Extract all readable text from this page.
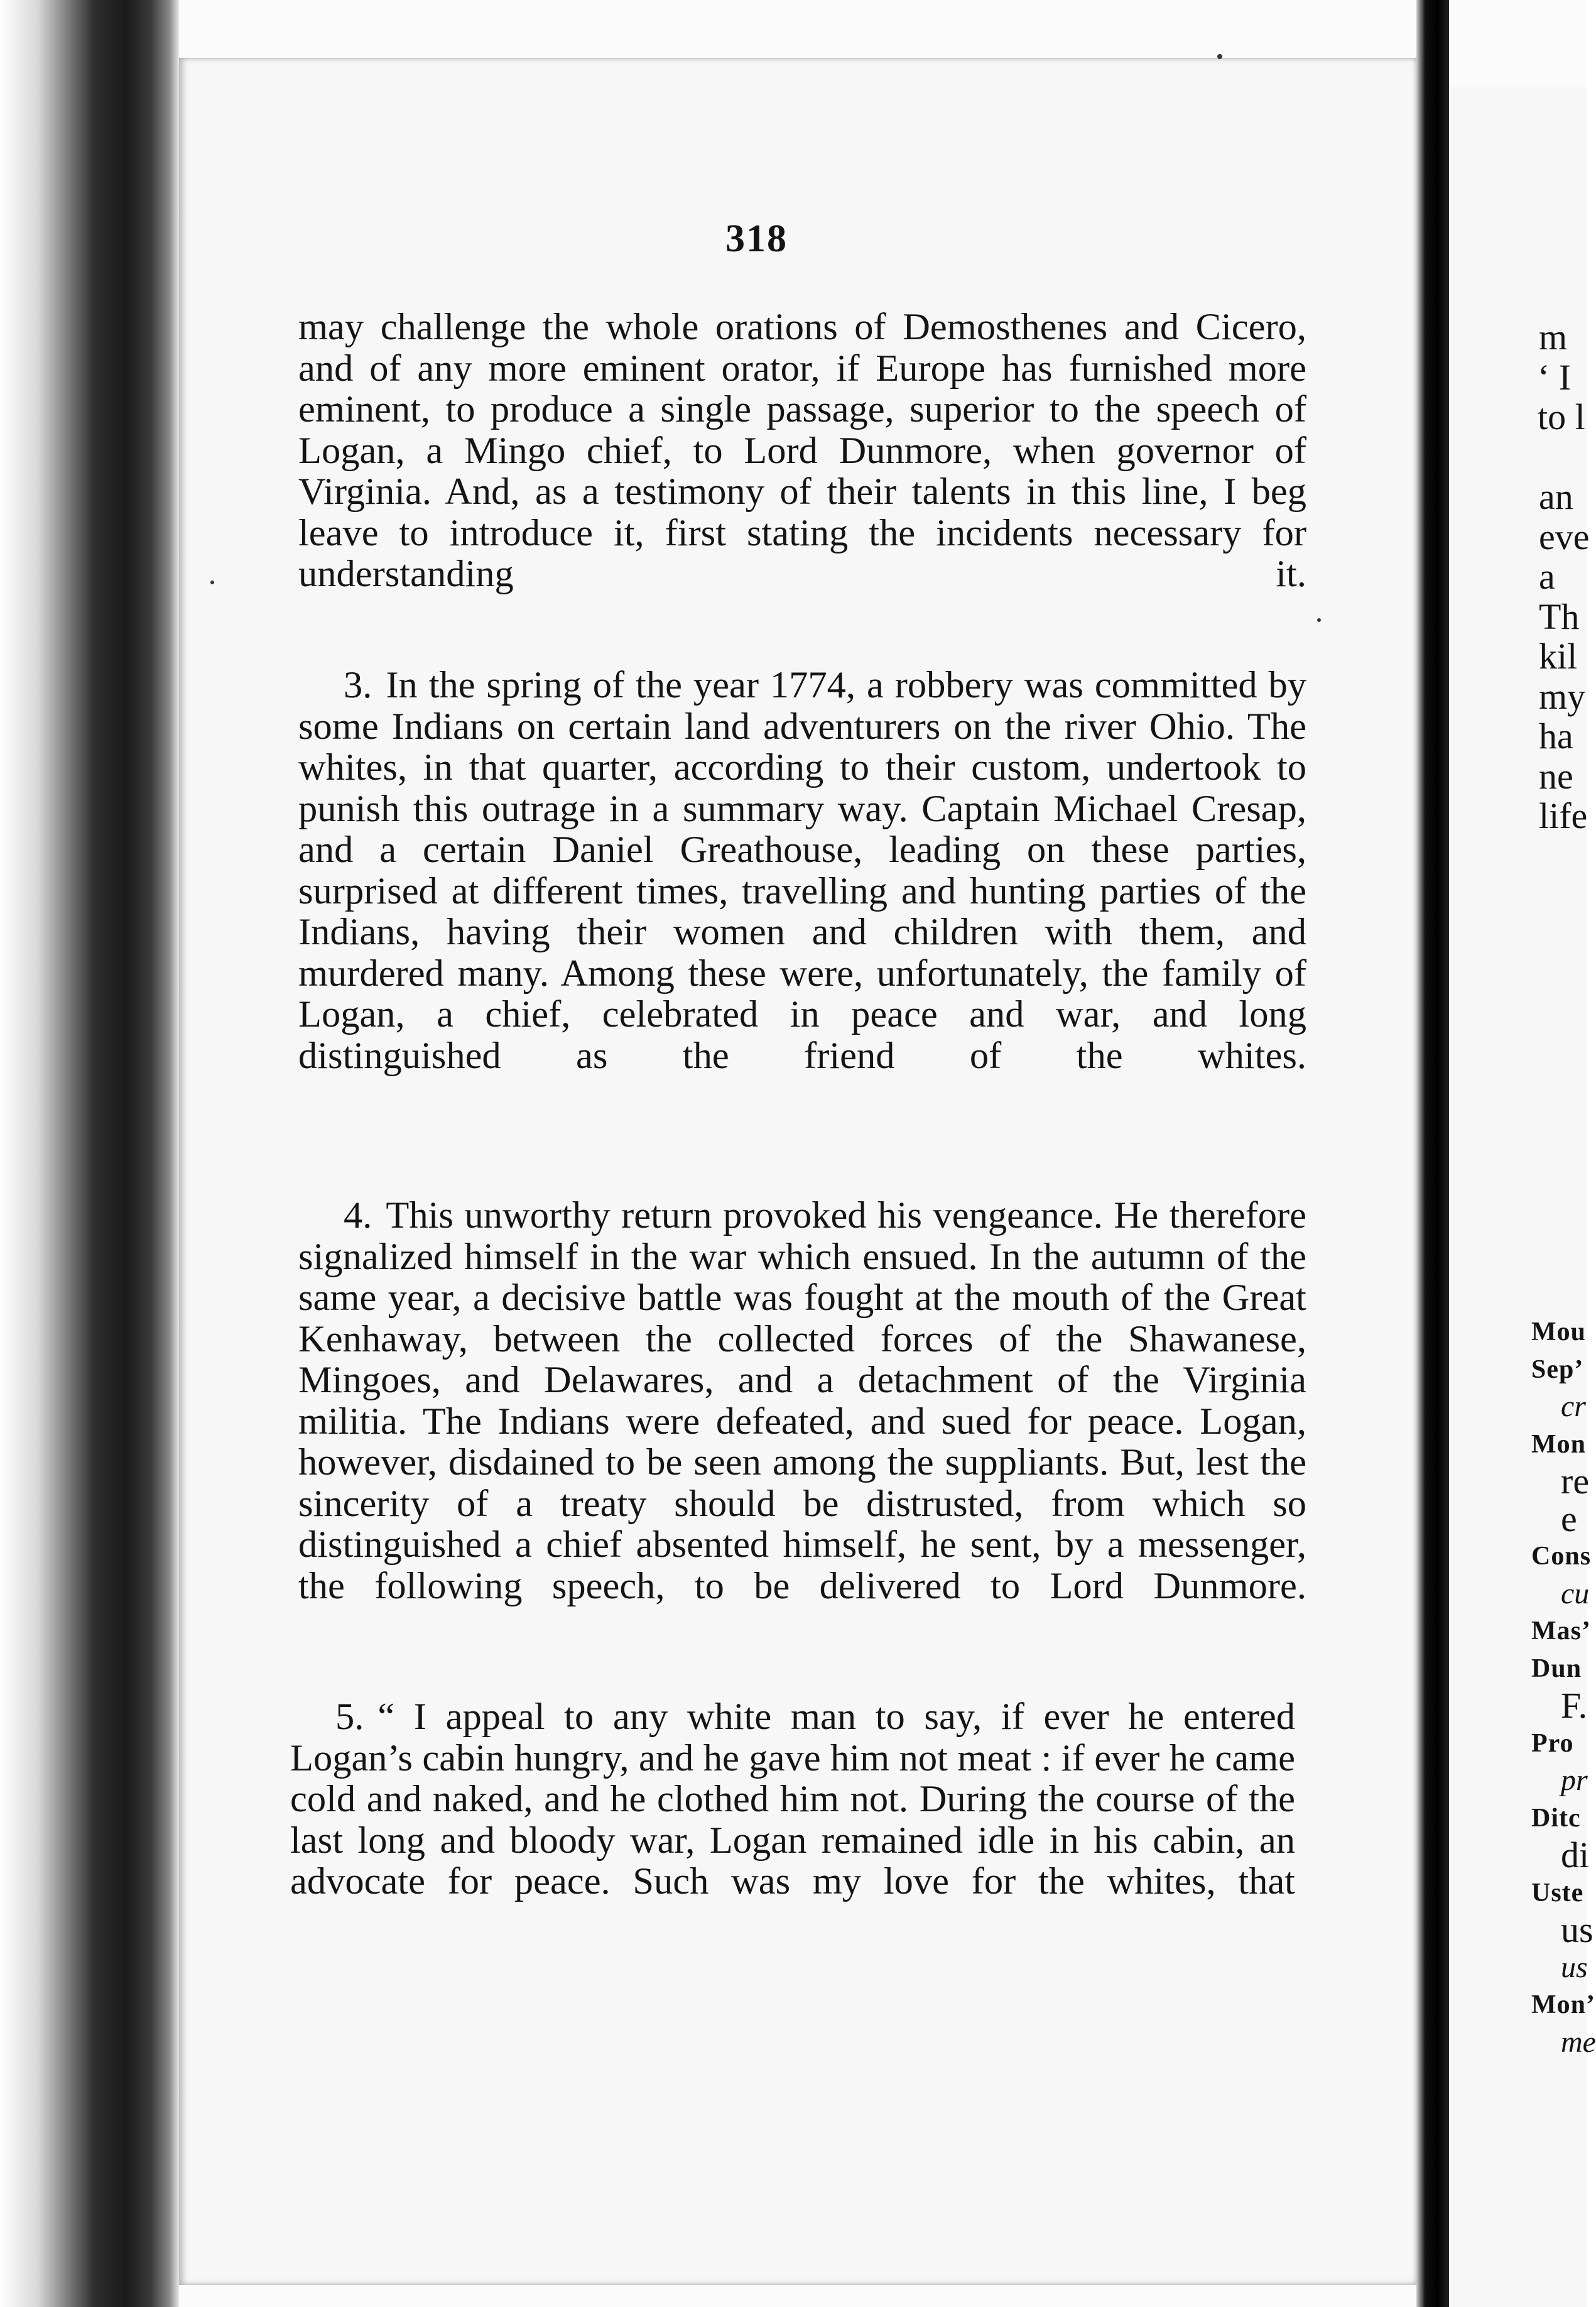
318

may challenge the whole orations of Demosthenes and Cicero, and of any more eminent orator, if Europe has furnished more eminent, to produce a single passage, superior to the speech of Logan, a Mingo chief, to Lord Dunmore, when governor of Virginia. And, as a testimony of their talents in this line, I beg leave to introduce it, first stating the incidents necessary for understanding it.

3. In the spring of the year 1774, a robbery was committed by some Indians on certain land adventurers on the river Ohio. The whites, in that quarter, according to their custom, undertook to punish this outrage in a summary way. Captain Michael Cresap, and a certain Daniel Greathouse, leading on these parties, surprised at different times, travelling and hunting parties of the Indians, having their women and children with them, and murdered many. Among these were, unfortunately, the family of Logan, a chief, celebrated in peace and war, and long distinguished as the friend of the whites.

4. This unworthy return provoked his vengeance. He therefore signalized himself in the war which ensued. In the autumn of the same year, a decisive battle was fought at the mouth of the Great Kenhaway, between the collected forces of the Shawanese, Mingoes, and Delawares, and a detachment of the Virginia militia. The Indians were defeated, and sued for peace. Logan, however, disdained to be seen among the suppliants. But, lest the sincerity of a treaty should be distrusted, from which so distinguished a chief absented himself, he sent, by a messenger, the following speech, to be delivered to Lord Dunmore.

5. “ I appeal to any white man to say, if ever he entered Logan’s cabin hungry, and he gave him not meat : if ever he came cold and naked, and he clothed him not. During the course of the last long and bloody war, Logan remained idle in his cabin, an advocate for peace. Such was my love for the whites, that

m
‘ I
to l
an
eve
a
Th
kil
my
ha
ne
life
Mou
Sep’
cr
Mon
re
e
Cons
cu
Mas’
Dun
F.
Pro
pr
Ditc
di
Uste
us
us
Mon’
me
